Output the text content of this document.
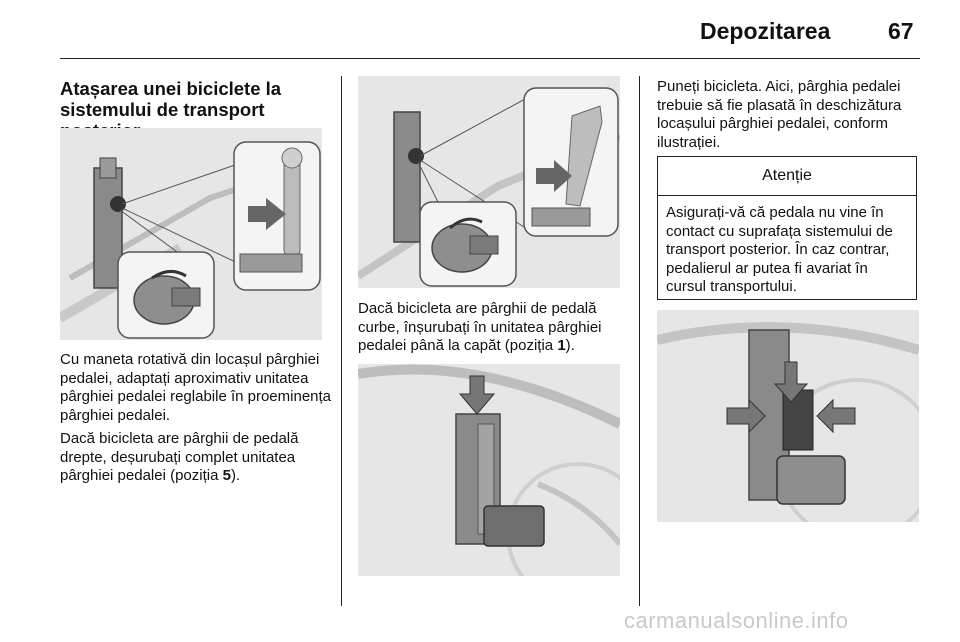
Depozitarea	67
Atașarea unei biciclete la sistemului de transport
Cu maneta rotativă din locașul pârghiei pedalei, adaptați aproximativ unitatea pârghiei pedalei reglabile în proeminența pârghiei pedalei.
Dacă bicicleta are pârghii de pedală drepte, deșurubați complet unitatea pârghiei pedalei (poziția 5).
Dacă bicicleta are pârghii de pedală curbe, înșurubați în unitatea pârghiei pedalei până la capăt (poziția 1).
Puneți bicicleta. Aici, pârghia pedalei trebuie să fie plasată în deschizătura locașului pârghiei pedalei, conform ilustrației.
Atenție
Asigurați-vă că pedala nu vine în contact cu suprafața sistemului de transport posterior. În caz contrar, pedalierul ar putea fi avariat în cursul transportului.
carmanualsonline.info
